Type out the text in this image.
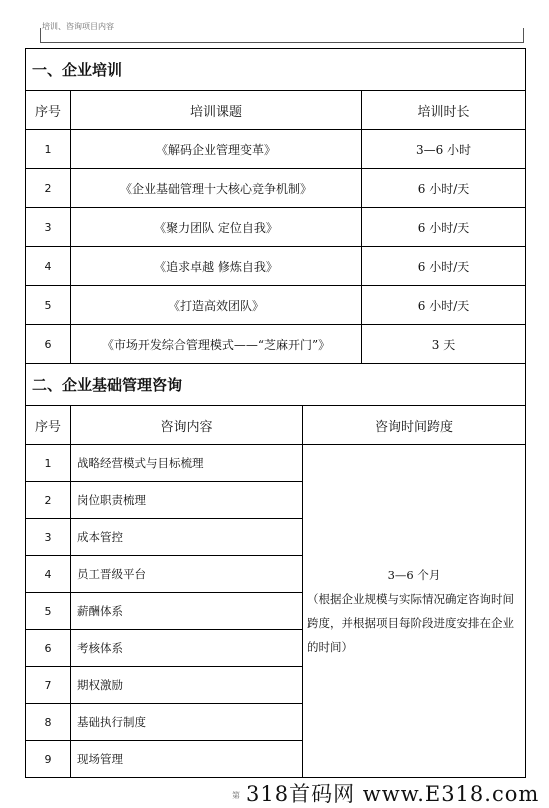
培训、咨询项目内容
一、企业培训		
序号	培训课题	培训时长
1	《解码企业管理变革》	3—6 小时
2	《企业基础管理十大核心竞争机制》	6 小时/天
3	《聚力团队 定位自我》	6 小时/天
4	《追求卓越 修炼自我》	6 小时/天
5	《打造高效团队》	6 小时/天
6	《市场开发综合管理模式——“芝麻开门”》	3 天
二、企业基础管理咨询		
序号	咨询内容	咨询时间跨度
1	战略经营模式与目标梳理	3—6 个月
（根据企业规模与实际情况确定咨询时间跨度，并根据项目每阶段进度安排在企业的时间）

2	岗位职责梳理	
3	成本管控	
4	员工晋级平台	
5	薪酬体系	
6	考核体系	
7	期权激励	
8	基础执行制度	
9	现场管理	
第 318首码网 www.E318.com
